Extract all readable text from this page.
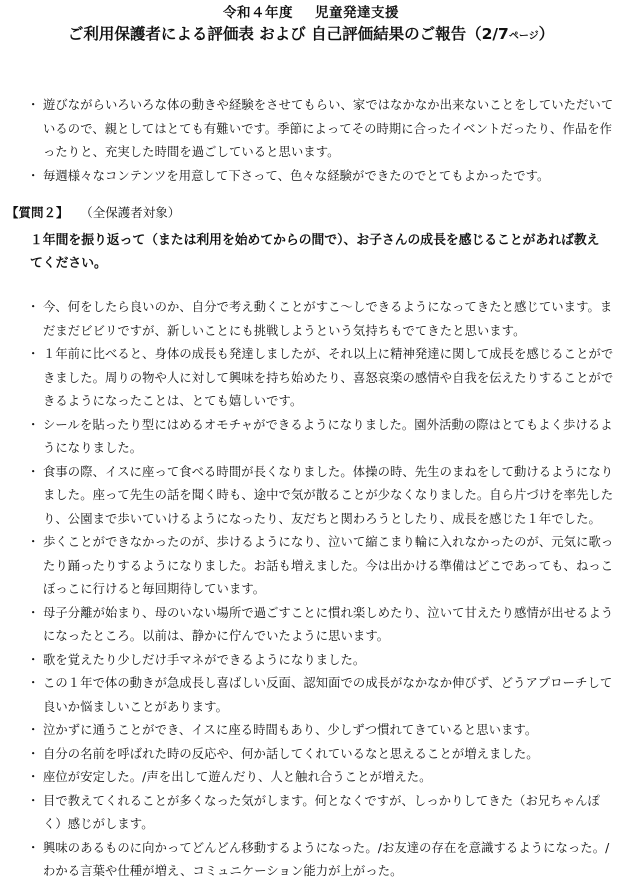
令和４年度 児童発達支援
ご利用保護者による評価表 および 自己評価結果のご報告（2/7ページ）
・ 遊びながらいろいろな体の動きや経験をさせてもらい、家ではなかなか出来ないことをしていただいているので、親としてはとても有難いです。季節によってその時期に合ったイベントだったり、作品を作ったりと、充実した時間を過ごしていると思います。
・ 毎週様々なコンテンツを用意して下さって、色々な経験ができたのでとてもよかったです。
【質問２】 （全保護者対象）
１年間を振り返って（または利用を始めてからの間で）、お子さんの成長を感じることがあれば教えてください。
・ 今、何をしたら良いのか、自分で考え動くことがすこ～しできるようになってきたと感じています。まだまだビビリですが、新しいことにも挑戦しようという気持ちもでてきたと思います。
・ １年前に比べると、身体の成長も発達しましたが、それ以上に精神発達に関して成長を感じることができました。周りの物や人に対して興味を持ち始めたり、喜怒哀楽の感情や自我を伝えたりすることができるようになったことは、とても嬉しいです。
・ シールを貼ったり型にはめるオモチャができるようになりました。園外活動の際はとてもよく歩けるようになりました。
・ 食事の際、イスに座って食べる時間が長くなりました。体操の時、先生のまねをして動けるようになりました。座って先生の話を聞く時も、途中で気が散ることが少なくなりました。自ら片づけを率先したり、公園まで歩いていけるようになったり、友だちと関わろうとしたり、成長を感じた１年でした。
・ 歩くことができなかったのが、歩けるようになり、泣いて縮こまり輪に入れなかったのが、元気に歌ったり踊ったりするようになりました。お話も増えました。今は出かける準備はどこであっても、ねっこぼっこに行けると毎回期待しています。
・ 母子分離が始まり、母のいない場所で過ごすことに慣れ楽しめたり、泣いて甘えたり感情が出せるようになったところ。以前は、静かに佇んでいたように思います。
・ 歌を覚えたり少しだけ手マネができるようになりました。
・ この１年で体の動きが急成長し喜ばしい反面、認知面での成長がなかなか伸びず、どうアプローチして良いか悩ましいことがあります。
・ 泣かずに通うことができ、イスに座る時間もあり、少しずつ慣れてきていると思います。
・ 自分の名前を呼ばれた時の反応や、何か話してくれているなと思えることが増えました。
・ 座位が安定した。/声を出して遊んだり、人と触れ合うことが増えた。
・ 目で教えてくれることが多くなった気がします。何となくですが、しっかりしてきた（お兄ちゃんぽく）感じがします。
・ 興味のあるものに向かってどんどん移動するようになった。/お友達の存在を意識するようになった。/わかる言葉や仕種が増え、コミュニケーション能力が上がった。
